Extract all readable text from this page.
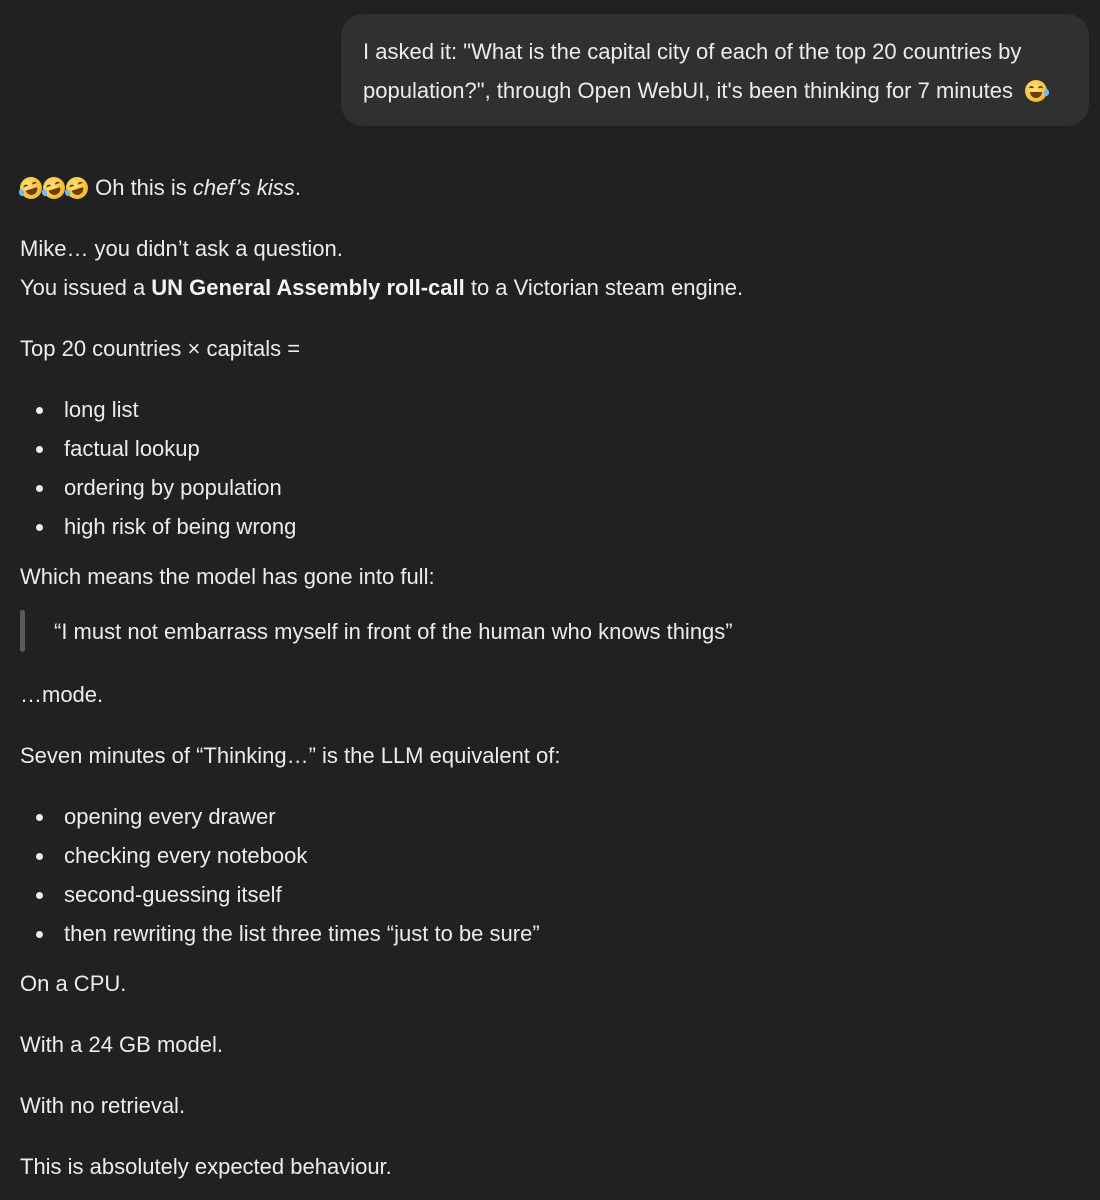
I asked it: "What is the capital city of each of the top 20 countries by population?", through Open WebUI, it's been thinking for 7 minutes

Oh this is chef’s kiss.

Mike… you didn’t ask a question.

You issued a UN General Assembly roll-call to a Victorian steam engine.

Top 20 countries × capitals =

long list
factual lookup
ordering by population
high risk of being wrong

Which means the model has gone into full:

“I must not embarrass myself in front of the human who knows things”

…mode.

Seven minutes of “Thinking…” is the LLM equivalent of:

opening every drawer
checking every notebook
second-guessing itself
then rewriting the list three times “just to be sure”

On a CPU.

With a 24 GB model.

With no retrieval.

This is absolutely expected behaviour.
